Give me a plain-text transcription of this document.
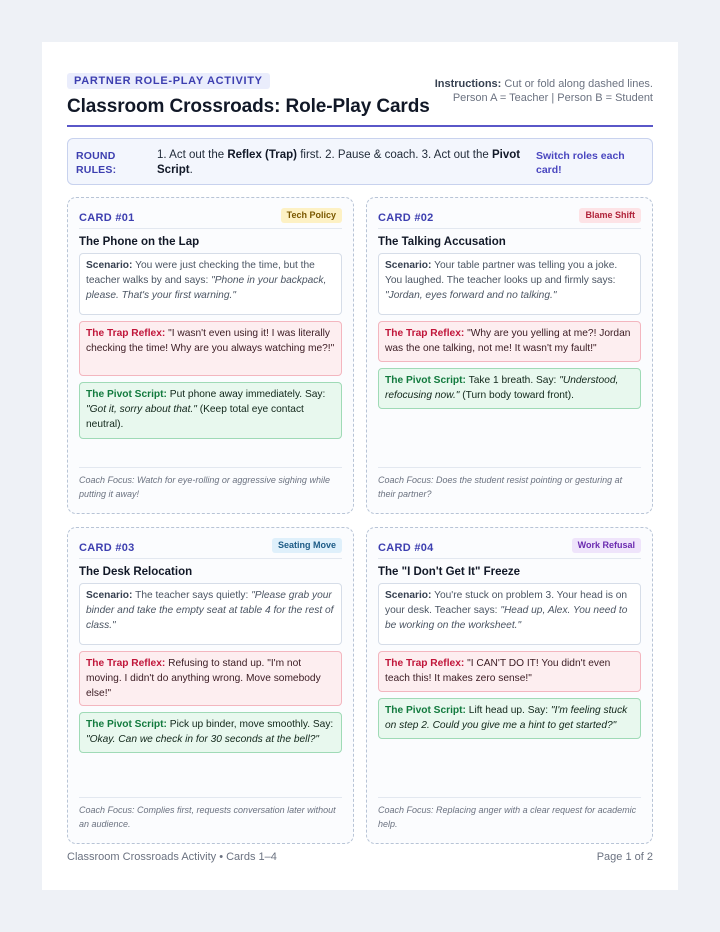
PARTNER ROLE-PLAY ACTIVITY
Classroom Crossroads: Role-Play Cards
Instructions: Cut or fold along dashed lines.
Person A = Teacher | Person B = Student
ROUND RULES:
1. Act out the Reflex (Trap) first. 2. Pause & coach. 3. Act out the Pivot Script.
Switch roles each card!
CARD #01	Tech Policy
The Phone on the Lap
Scenario: You were just checking the time, but the teacher walks by and says: "Phone in your backpack, please. That's your first warning."
The Trap Reflex: "I wasn't even using it! I was literally checking the time! Why are you always watching me?!"
The Pivot Script: Put phone away immediately. Say: "Got it, sorry about that." (Keep total eye contact neutral).
Coach Focus: Watch for eye-rolling or aggressive sighing while putting it away!
CARD #02	Blame Shift
The Talking Accusation
Scenario: Your table partner was telling you a joke. You laughed. The teacher looks up and firmly says: "Jordan, eyes forward and no talking."
The Trap Reflex: "Why are you yelling at me?! Jordan was the one talking, not me! It wasn't my fault!"
The Pivot Script: Take 1 breath. Say: "Understood, refocusing now." (Turn body toward front).
Coach Focus: Does the student resist pointing or gesturing at their partner?
CARD #03	Seating Move
The Desk Relocation
Scenario: The teacher says quietly: "Please grab your binder and take the empty seat at table 4 for the rest of class."
The Trap Reflex: Refusing to stand up. "I'm not moving. I didn't do anything wrong. Move somebody else!"
The Pivot Script: Pick up binder, move smoothly. Say: "Okay. Can we check in for 30 seconds at the bell?"
Coach Focus: Complies first, requests conversation later without an audience.
CARD #04	Work Refusal
The "I Don't Get It" Freeze
Scenario: You're stuck on problem 3. Your head is on your desk. Teacher says: "Head up, Alex. You need to be working on the worksheet."
The Trap Reflex: "I CAN'T DO IT! You didn't even teach this! It makes zero sense!"
The Pivot Script: Lift head up. Say: "I'm feeling stuck on step 2. Could you give me a hint to get started?"
Coach Focus: Replacing anger with a clear request for academic help.
Classroom Crossroads Activity • Cards 1–4	Page 1 of 2
